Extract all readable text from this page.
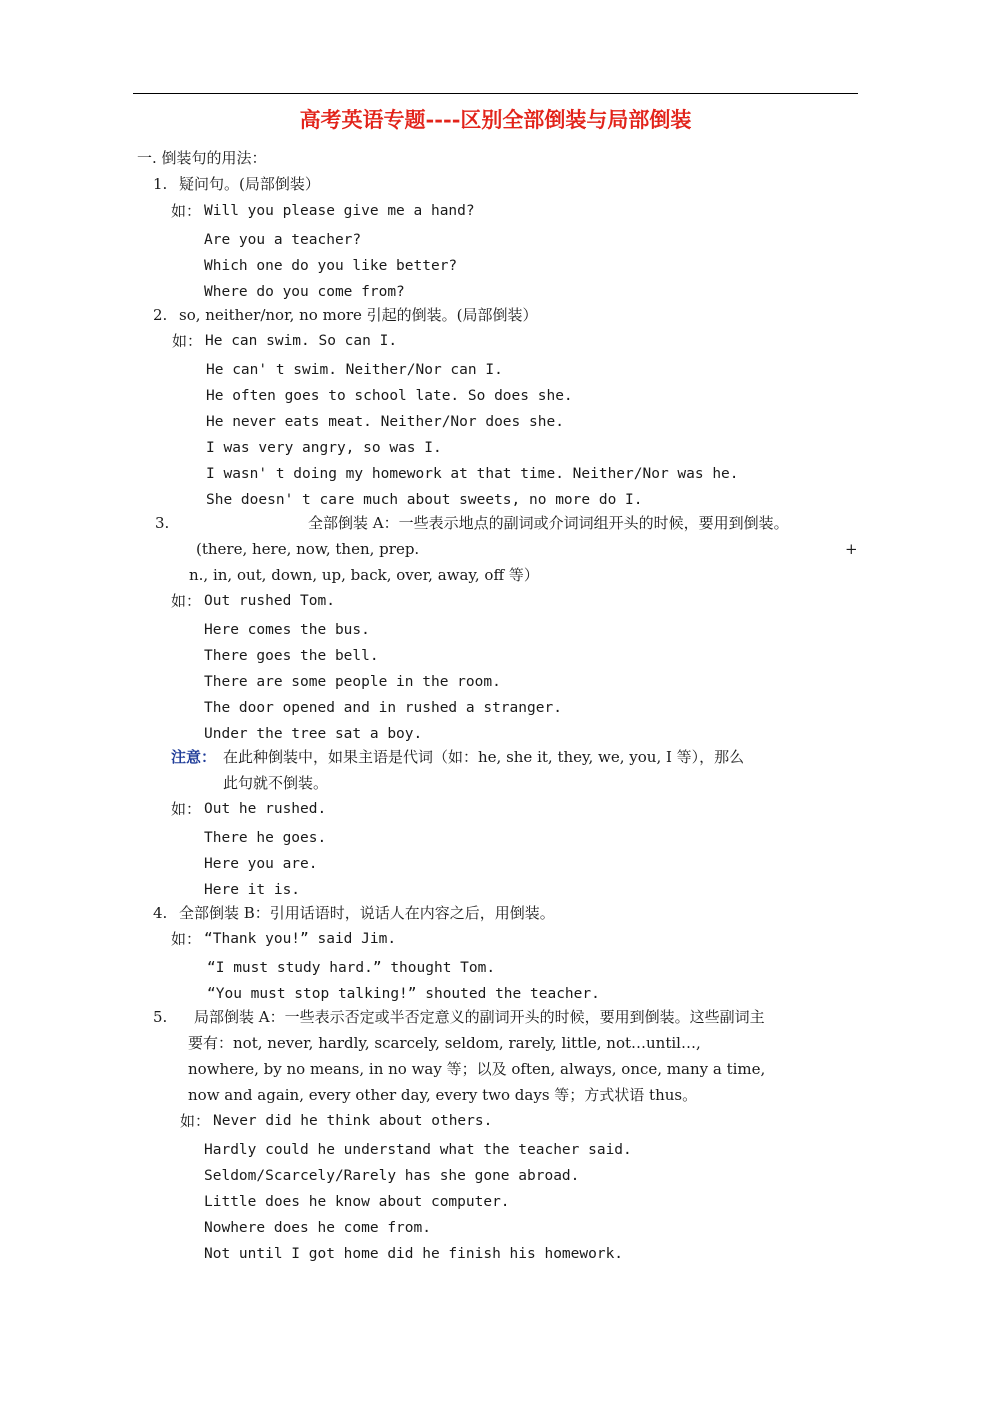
高考英语专题----区别全部倒装与局部倒装
一. 倒装句的用法：
1. 疑问句。(局部倒装）
如： Will you please give me a hand?
Are you a teacher?
Which one do you like better?
Where do you come from?
2. so, neither/nor, no more 引起的倒装。(局部倒装）
如： He can swim. So can I.
He can' t swim. Neither/Nor can I.
He often goes to school late. So does she.
He never eats meat. Neither/Nor does she.
I was very angry, so was I.
I wasn' t doing my homework at that time. Neither/Nor was he.
She doesn' t care much about sweets, no more do I.
3.	全部倒装 A：一些表示地点的副词或介词词组开头的时候，要用到倒装。
(there, here, now, then, prep.	+
n., in, out, down, up, back, over, away, off 等）
如： Out rushed Tom.
Here comes the bus.
There goes the bell.
There are some people in the room.
The door opened and in rushed a stranger.
Under the tree sat a boy.
注意： 在此种倒装中，如果主语是代词（如：he, she it, they, we, you, I 等），那么
此句就不倒装。
如： Out he rushed.
There he goes.
Here you are.
Here it is.
4. 全部倒装 B：引用话语时，说话人在内容之后，用倒装。
如： “Thank you!” said Jim.
“I must study hard.” thought Tom.
“You must stop talking!” shouted the teacher.
5. 局部倒装 A：一些表示否定或半否定意义的副词开头的时候，要用到倒装。这些副词主
要有：not, never, hardly, scarcely, seldom, rarely, little, not…until…,
nowhere, by no means, in no way 等；以及 often, always, once, many a time,
now and again, every other day, every two days 等；方式状语 thus。
如： Never did he think about others.
Hardly could he understand what the teacher said.
Seldom/Scarcely/Rarely has she gone abroad.
Little does he know about computer.
Nowhere does he come from.
Not until I got home did he finish his homework.
